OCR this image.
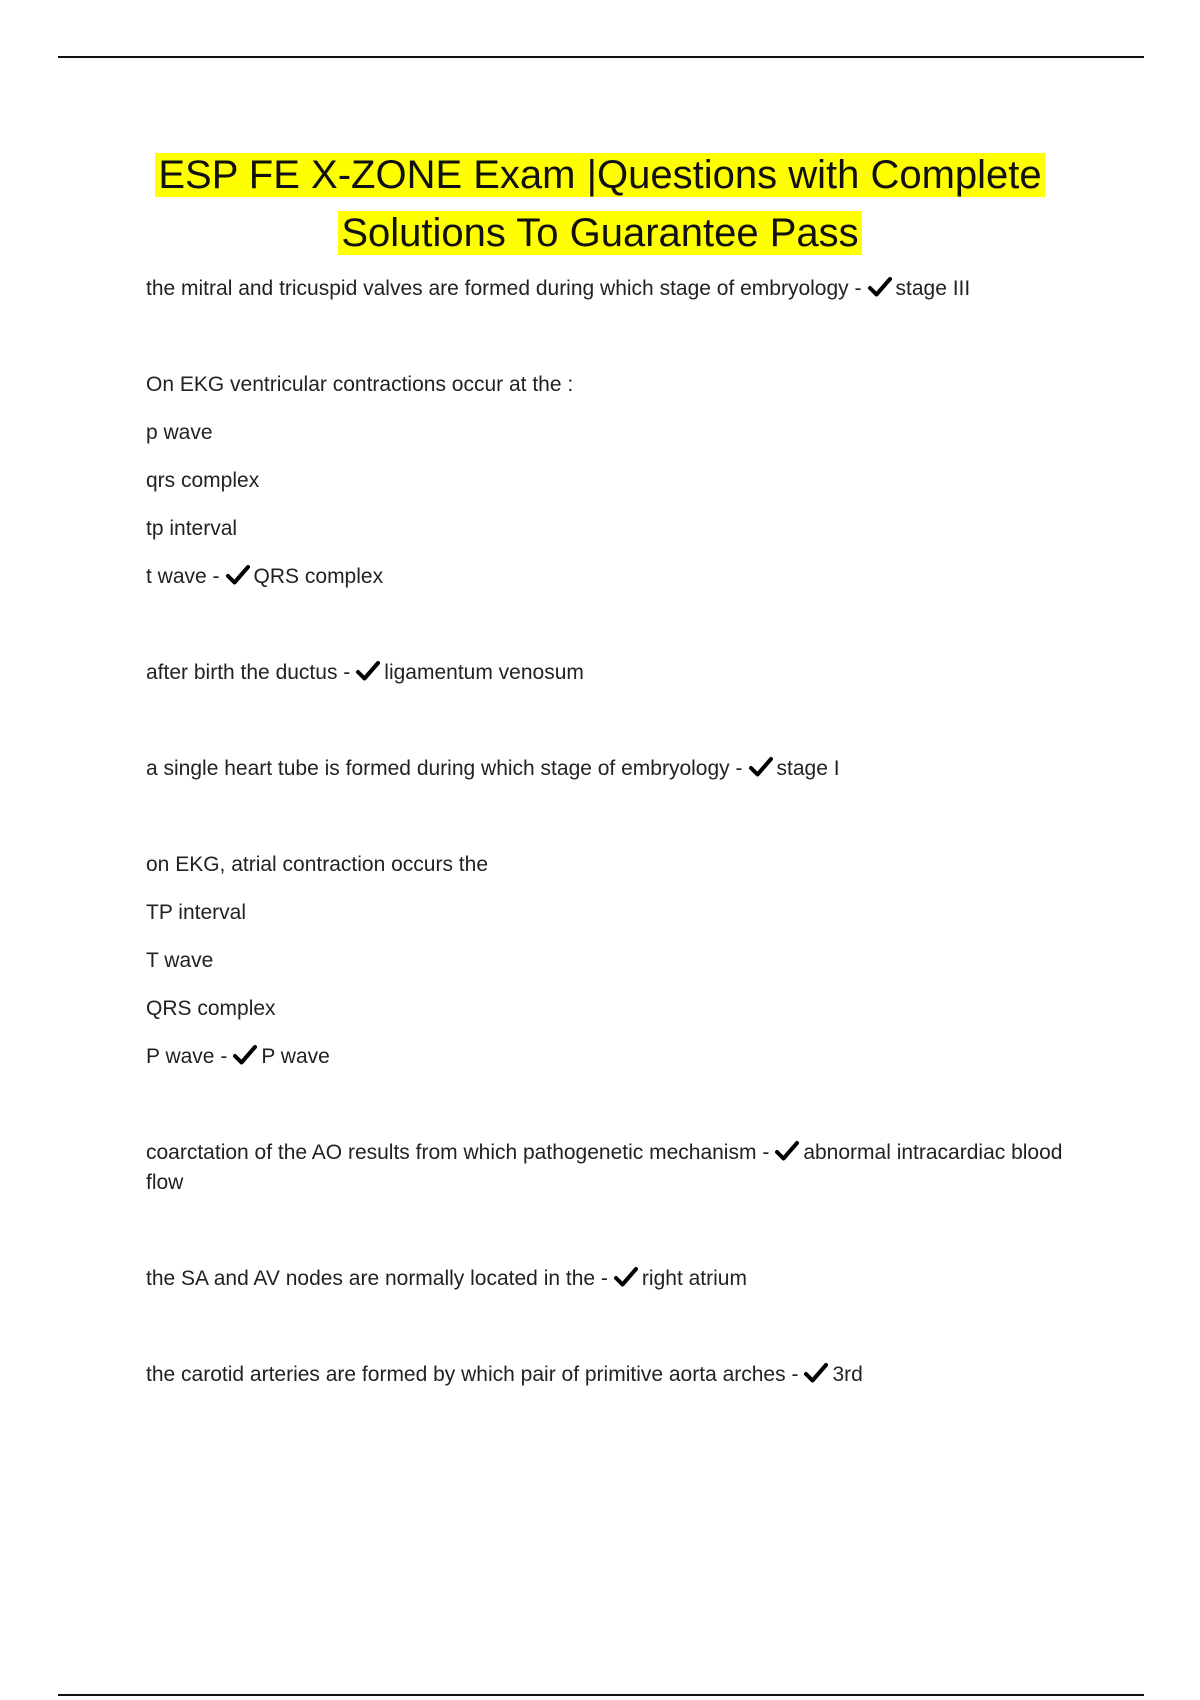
ESP FE X-ZONE Exam |Questions with Complete
Solutions To Guarantee Pass

the mitral and tricuspid valves are formed during which stage of embryology - stage III

On EKG ventricular contractions occur at the :

p wave

qrs complex

tp interval

t wave - QRS complex

after birth the ductus - ligamentum venosum

a single heart tube is formed during which stage of embryology - stage I

on EKG, atrial contraction occurs the

TP interval

T wave

QRS complex

P wave - P wave

coarctation of the AO results from which pathogenetic mechanism - abnormal intracardiac blood flow

the SA and AV nodes are normally located in the - right atrium

the carotid arteries are formed by which pair of primitive aorta arches - 3rd
